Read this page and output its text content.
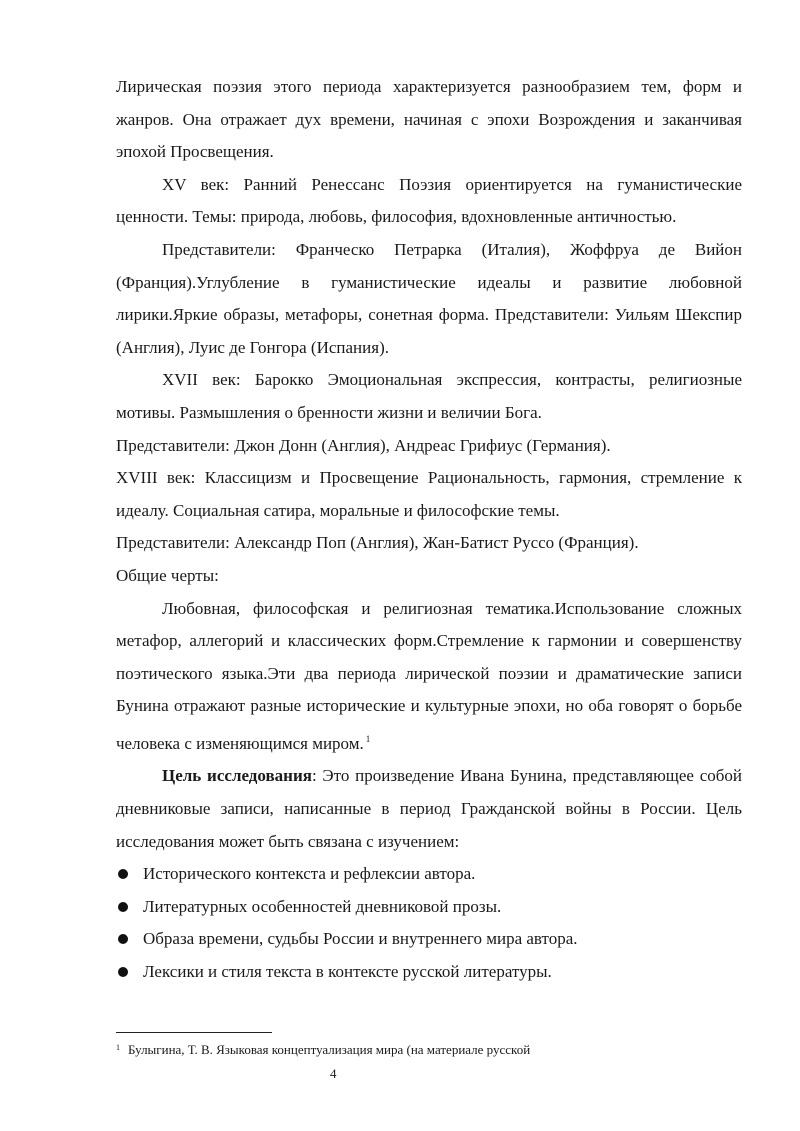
Лирическая поэзия этого периода характеризуется разнообразием тем, форм и жанров. Она отражает дух времени, начиная с эпохи Возрождения и заканчивая эпохой Просвещения.

XV век: Ранний Ренессанс Поэзия ориентируется на гуманистические ценности. Темы: природа, любовь, философия, вдохновленные античностью.

Представители: Франческо Петрарка (Италия), Жоффруа де Вийон (Франция).Углубление в гуманистические идеалы и развитие любовной лирики.Яркие образы, метафоры, сонетная форма. Представители: Уильям Шекспир (Англия), Луис де Гонгора (Испания).

XVII век: Барокко Эмоциональная экспрессия, контрасты, религиозные мотивы. Размышления о бренности жизни и величии Бога.

Представители: Джон Донн (Англия), Андреас Грифиус (Германия).

XVIII век: Классицизм и Просвещение Рациональность, гармония, стремление к идеалу. Социальная сатира, моральные и философские темы.

Представители: Александр Поп (Англия), Жан-Батист Руссо (Франция).

Общие черты:

Любовная, философская и религиозная тематика.Использование сложных метафор, аллегорий и классических форм.Стремление к гармонии и совершенству поэтического языка.Эти два периода лирической поэзии и драматические записи Бунина отражают разные исторические и культурные эпохи, но оба говорят о борьбе человека с изменяющимся миром. $^1$

Цель исследования: Это произведение Ивана Бунина, представляющее собой дневниковые записи, написанные в период Гражданской войны в России. Цель исследования может быть связана с изучением:

Исторического контекста и рефлексии автора.
Литературных особенностей дневниковой прозы.
Образа времени, судьбы России и внутреннего мира автора.
Лексики и стиля текста в контексте русской литературы.
$^1$ Булыгина, Т. В. Языковая концептуализация мира (на материале русской
4
